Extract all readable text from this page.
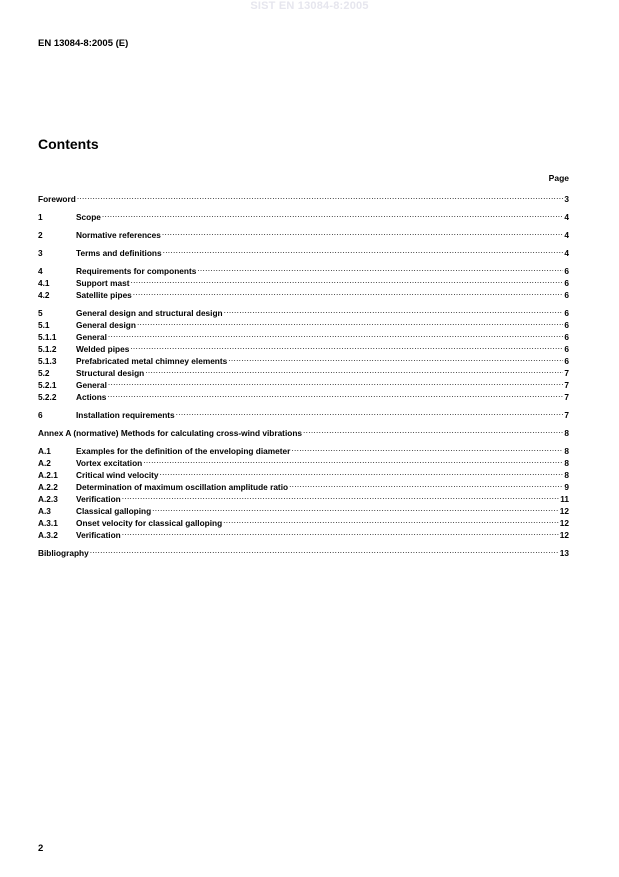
SIST EN 13084-8:2005
EN 13084-8:2005 (E)
Contents
Page
Foreword .....	3
1	Scope .....	4
2	Normative references .....	4
3	Terms and definitions .....	4
4	Requirements for components .....	6
4.1	Support mast .....	6
4.2	Satellite pipes .....	6
5	General design and structural design .....	6
5.1	General design .....	6
5.1.1	General .....	6
5.1.2	Welded pipes .....	6
5.1.3	Prefabricated metal chimney elements .....	6
5.2	Structural design .....	7
5.2.1	General .....	7
5.2.2	Actions .....	7
6	Installation requirements .....	7
Annex A (normative) Methods for calculating cross-wind vibrations .....	8
A.1	Examples for the definition of the enveloping diameter .....	8
A.2	Vortex excitation .....	8
A.2.1	Critical wind velocity .....	8
A.2.2	Determination of maximum oscillation amplitude ratio .....	9
A.2.3	Verification .....	11
A.3	Classical galloping .....	12
A.3.1	Onset velocity for classical galloping .....	12
A.3.2	Verification .....	12
Bibliography .....	13
2
